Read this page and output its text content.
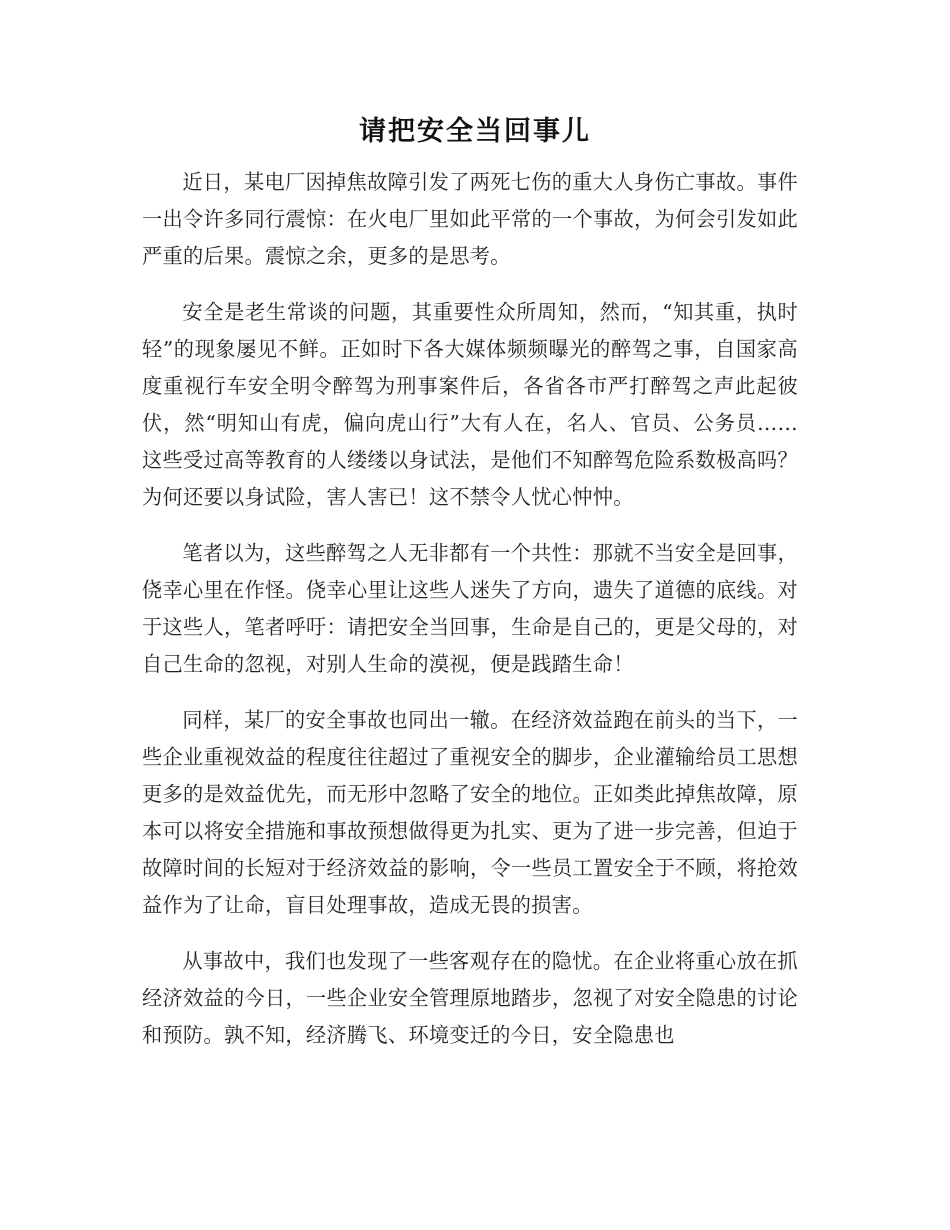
请把安全当回事儿

近日，某电厂因掉焦故障引发了两死七伤的重大人身伤亡事故。事件一出令许多同行震惊：在火电厂里如此平常的一个事故，为何会引发如此严重的后果。震惊之余，更多的是思考。

安全是老生常谈的问题，其重要性众所周知，然而，“知其重，执时轻”的现象屡见不鲜。正如时下各大媒体频频曝光的醉驾之事，自国家高度重视行车安全明令醉驾为刑事案件后，各省各市严打醉驾之声此起彼伏，然“明知山有虎，偏向虎山行”大有人在，名人、官员、公务员……这些受过高等教育的人缕缕以身试法，是他们不知醉驾危险系数极高吗？为何还要以身试险，害人害已！这不禁令人忧心忡忡。

笔者以为，这些醉驾之人无非都有一个共性：那就不当安全是回事，侥幸心里在作怪。侥幸心里让这些人迷失了方向，遗失了道德的底线。对于这些人，笔者呼吁：请把安全当回事，生命是自己的，更是父母的，对自己生命的忽视，对别人生命的漠视，便是践踏生命！

同样，某厂的安全事故也同出一辙。在经济效益跑在前头的当下，一些企业重视效益的程度往往超过了重视安全的脚步，企业灌输给员工思想更多的是效益优先，而无形中忽略了安全的地位。正如类此掉焦故障，原本可以将安全措施和事故预想做得更为扎实、更为了进一步完善，但迫于故障时间的长短对于经济效益的影响，令一些员工置安全于不顾，将抢效益作为了让命，盲目处理事故，造成无畏的损害。

从事故中，我们也发现了一些客观存在的隐忧。在企业将重心放在抓经济效益的今日，一些企业安全管理原地踏步，忽视了对安全隐患的讨论和预防。孰不知，经济腾飞、环境变迁的今日，安全隐患也
